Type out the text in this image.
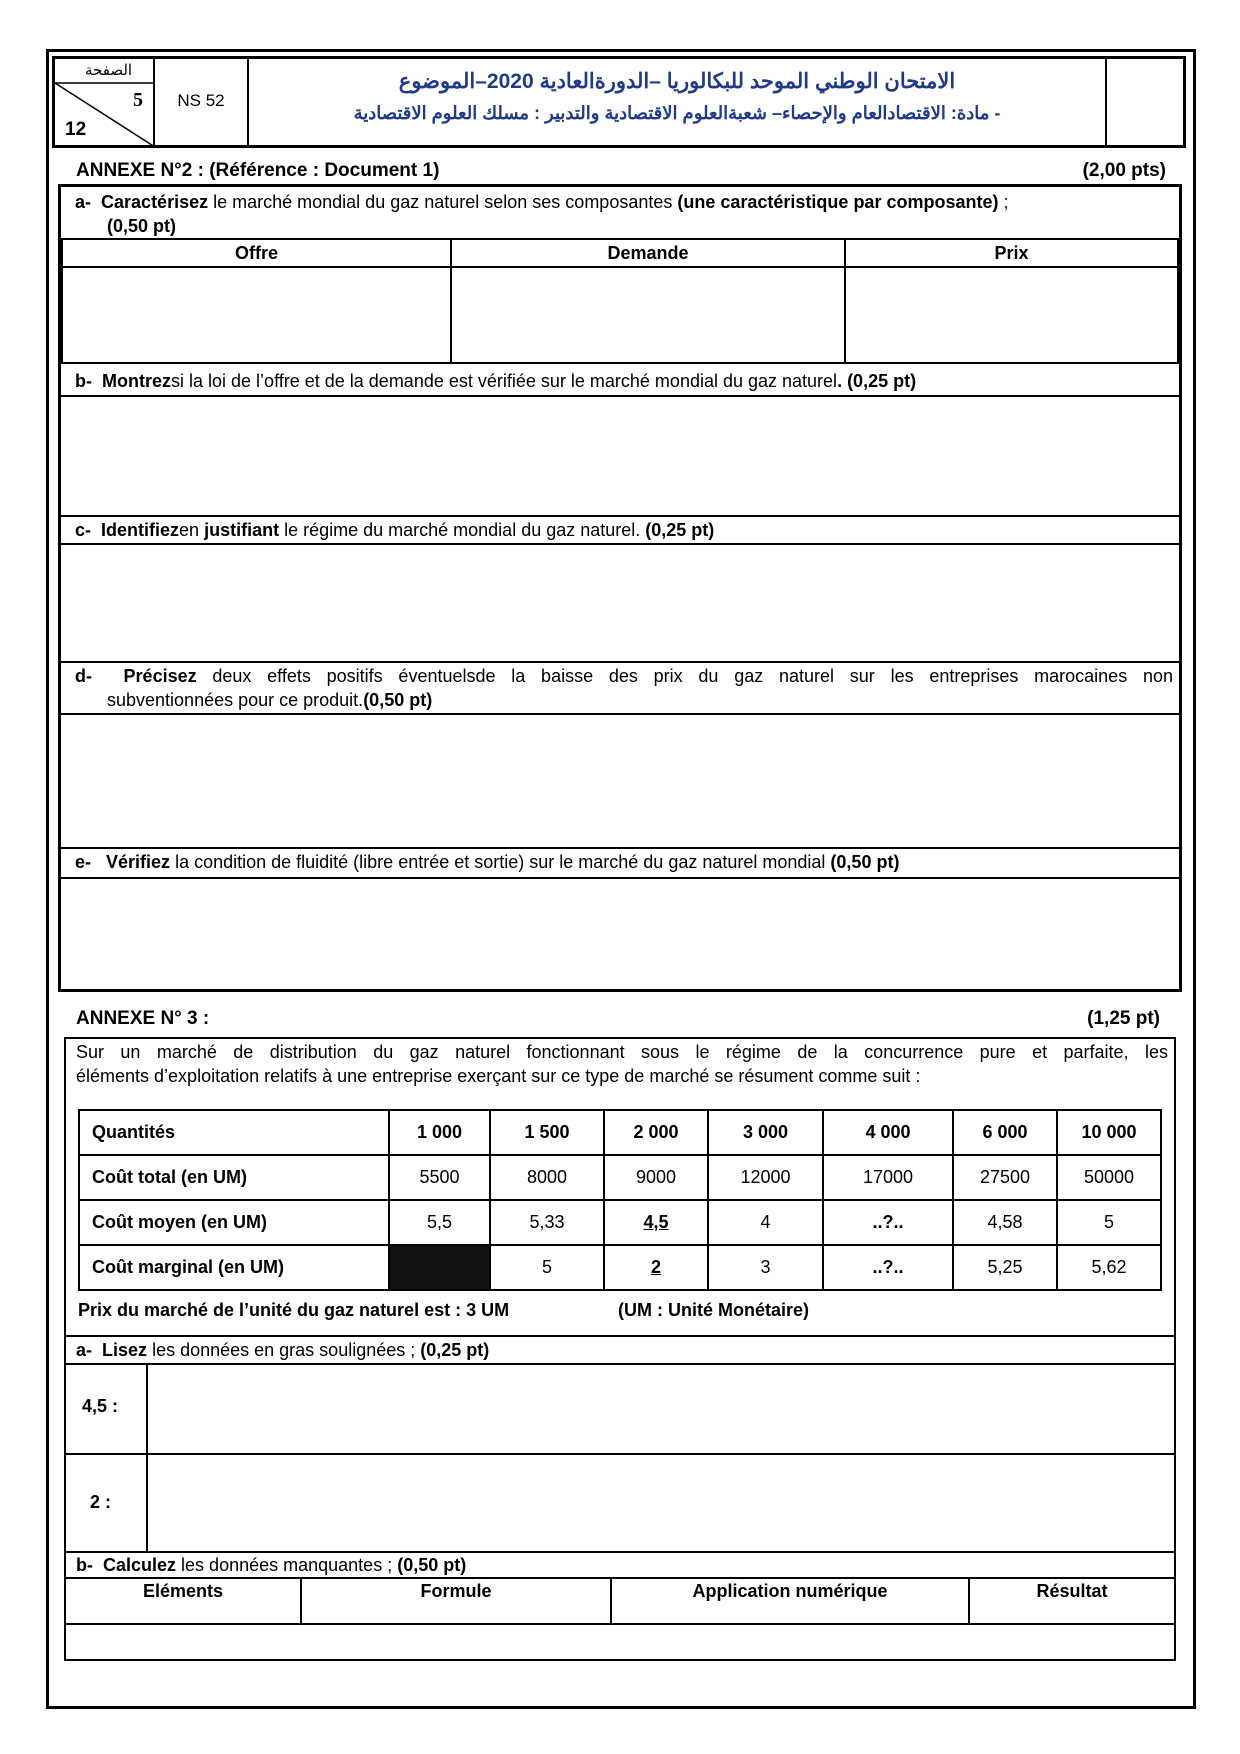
الصفحة
5
12
NS 52
الامتحان الوطني الموحد للبكالوريا –الدورةالعادية 2020–الموضوع
- مادة: الاقتصادالعام والإحصاء– شعبةالعلوم الاقتصادية والتدبير : مسلك العلوم الاقتصادية
ANNEXE N°2 : (Référence : Document 1)	(2,00 pts)
a- Caractérisez le marché mondial du gaz naturel selon ses composantes (une caractéristique par composante) ;
(0,50 pt)
Offre	Demande	Prix

b- Montrezsi la loi de l’offre et de la demande est vérifiée sur le marché mondial du gaz naturel. (0,25 pt)
c- Identifiezen justifiant le régime du marché mondial du gaz naturel. (0,25 pt)
d- Précisez deux effets positifs éventuelsde la baisse des prix du gaz naturel sur les entreprises marocaines non
subventionnées pour ce produit.(0,50 pt)
e- Vérifiez la condition de fluidité (libre entrée et sortie) sur le marché du gaz naturel mondial (0,50 pt)
ANNEXE N° 3 :	(1,25 pt)
Sur un marché de distribution du gaz naturel fonctionnant sous le régime de la concurrence pure et parfaite, les
éléments d’exploitation relatifs à une entreprise exerçant sur ce type de marché se résument comme suit :
Quantités	1 000	1 500	2 000	3 000	4 000	6 000	10 000
Coût total (en UM)	5500	8000	9000	12000	17000	27500	50000
Coût moyen (en UM)	5,5	5,33	4,5	4	..?..	4,58	5
Coût marginal (en UM)		5	2	3	..?..	5,25	5,62
Prix du marché de l’unité du gaz naturel est : 3 UM	(UM : Unité Monétaire)
a- Lisez les données en gras soulignées ; (0,25 pt)
4,5 :
2 :
b- Calculez les données manquantes ; (0,50 pt)
Eléments	Formule	Application numérique	Résultat
